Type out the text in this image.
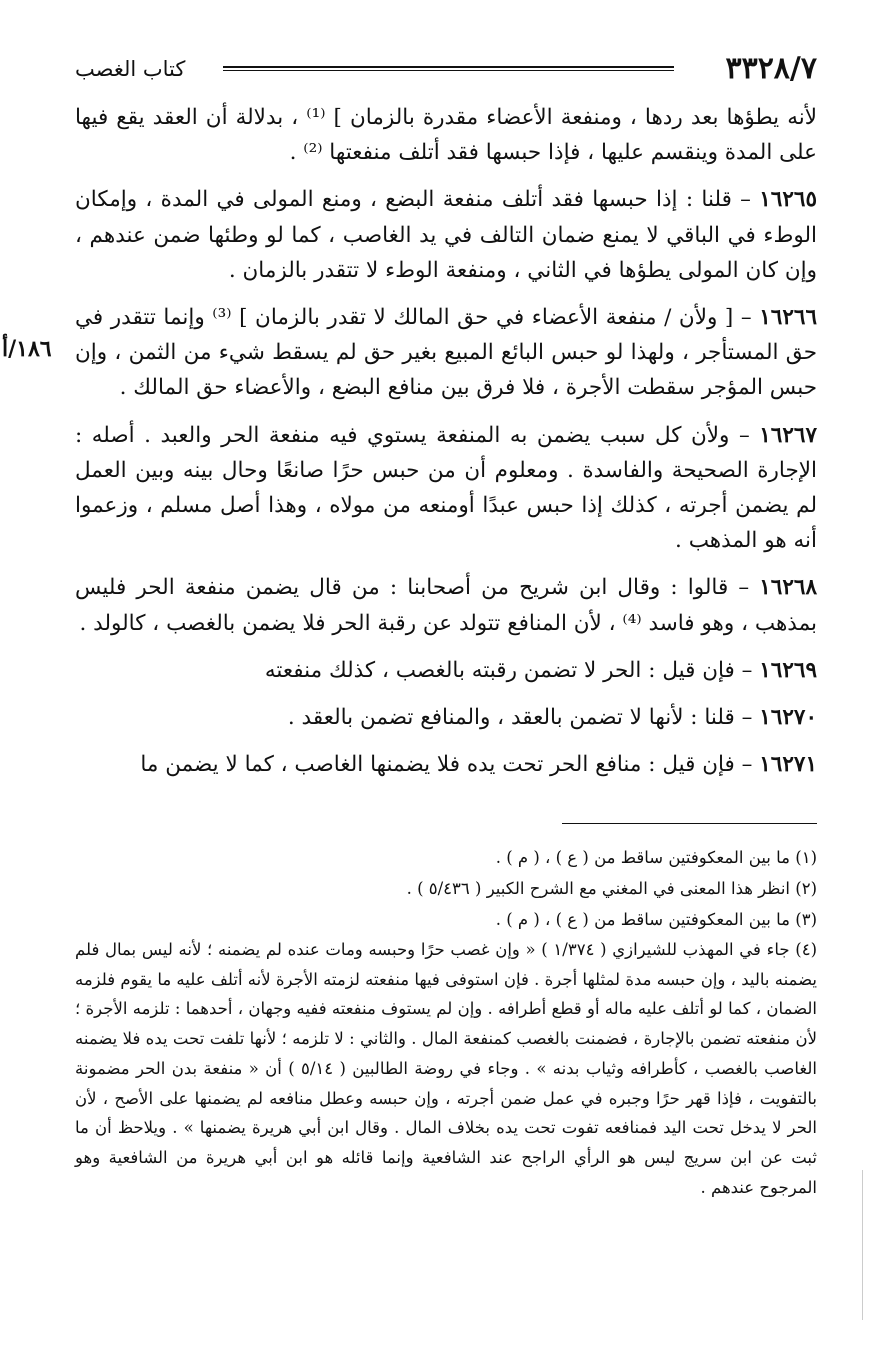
٣٣٢٨/٧
كتاب الغصب
١٨٦/أ

لأنه يطؤها بعد ردها ، ومنفعة الأعضاء مقدرة بالزمان ] ⁽¹⁾ ، بدلالة أن العقد يقع فيها على المدة وينقسم عليها ، فإذا حبسها فقد أتلف منفعتها ⁽²⁾ .

١٦٢٦٥ – قلنا : إذا حبسها فقد أتلف منفعة البضع ، ومنع المولى في المدة ، وإمكان الوطء في الباقي لا يمنع ضمان التالف في يد الغاصب ، كما لو وطئها ضمن عندهم ، وإن كان المولى يطؤها في الثاني ، ومنفعة الوطء لا تتقدر بالزمان .

١٦٢٦٦ – [ ولأن / منفعة الأعضاء في حق المالك لا تقدر بالزمان ] ⁽³⁾ وإنما تتقدر في حق المستأجر ، ولهذا لو حبس البائع المبيع بغير حق لم يسقط شيء من الثمن ، وإن حبس المؤجر سقطت الأجرة ، فلا فرق بين منافع البضع ، والأعضاء حق المالك .

١٦٢٦٧ – ولأن كل سبب يضمن به المنفعة يستوي فيه منفعة الحر والعبد . أصله : الإجارة الصحيحة والفاسدة . ومعلوم أن من حبس حرًا صانعًا وحال بينه وبين العمل لم يضمن أجرته ، كذلك إذا حبس عبدًا أومنعه من مولاه ، وهذا أصل مسلم ، وزعموا أنه هو المذهب .

١٦٢٦٨ – قالوا : وقال ابن شريح من أصحابنا : من قال يضمن منفعة الحر فليس بمذهب ، وهو فاسد ⁽⁴⁾ ، لأن المنافع تتولد عن رقبة الحر فلا يضمن بالغصب ، كالولد .

١٦٢٦٩ – فإن قيل : الحر لا تضمن رقبته بالغصب ، كذلك منفعته

١٦٢٧٠ – قلنا : لأنها لا تضمن بالعقد ، والمنافع تضمن بالعقد .

١٦٢٧١ – فإن قيل : منافع الحر تحت يده فلا يضمنها الغاصب ، كما لا يضمن ما

(١) ما بين المعكوفتين ساقط من ( ع ) ، ( م ) .

(٢) انظر هذا المعنى في المغني مع الشرح الكبير ( ٥/٤٣٦ ) .

(٣) ما بين المعكوفتين ساقط من ( ع ) ، ( م ) .

(٤) جاء في المهذب للشيرازي ( ١/٣٧٤ ) « وإن غصب حرًا وحبسه ومات عنده لم يضمنه ؛ لأنه ليس بمال فلم يضمنه باليد ، وإن حبسه مدة لمثلها أجرة . فإن استوفى فيها منفعته لزمته الأجرة لأنه أتلف عليه ما يقوم فلزمه الضمان ، كما لو أتلف عليه ماله أو قطع أطرافه . وإن لم يستوف منفعته ففيه وجهان ، أحدهما : تلزمه الأجرة ؛ لأن منفعته تضمن بالإجارة ، فضمنت بالغصب كمنفعة المال . والثاني : لا تلزمه ؛ لأنها تلفت تحت يده فلا يضمنه الغاصب بالغصب ، كأطرافه وثياب بدنه » . وجاء في روضة الطالبين ( ٥/١٤ ) أن « منفعة بدن الحر مضمونة بالتفويت ، فإذا قهر حرًا وجبره في عمل ضمن أجرته ، وإن حبسه وعطل منافعه لم يضمنها على الأصح ، لأن الحر لا يدخل تحت اليد فمنافعه تفوت تحت يده بخلاف المال . وقال ابن أبي هريرة يضمنها » . ويلاحظ أن ما ثبت عن ابن سريج ليس هو الرأي الراجح عند الشافعية وإنما قائله هو ابن أبي هريرة من الشافعية وهو المرجوح عندهم .
